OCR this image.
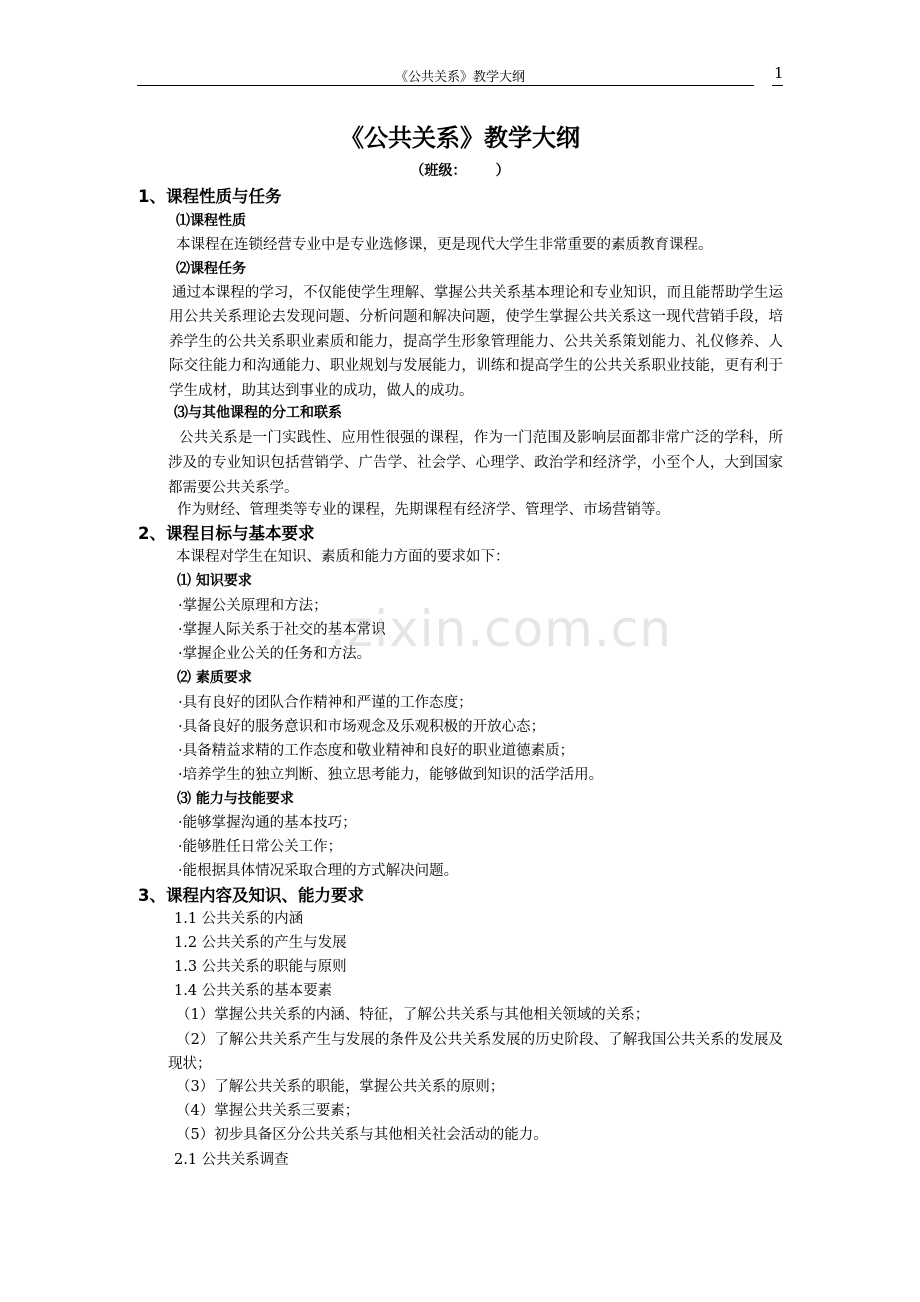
《公共关系》教学大纲	1
《公共关系》教学大纲
（班级：      ）
1、课程性质与任务
⑴课程性质
本课程在连锁经营专业中是专业选修课，更是现代大学生非常重要的素质教育课程。
⑵课程任务
通过本课程的学习，不仅能使学生理解、掌握公共关系基本理论和专业知识，而且能帮助学生运用公共关系理论去发现问题、分析问题和解决问题，使学生掌握公共关系这一现代营销手段，培养学生的公共关系职业素质和能力，提高学生形象管理能力、公共关系策划能力、礼仪修养、人际交往能力和沟通能力、职业规划与发展能力，训练和提高学生的公共关系职业技能，更有利于学生成材，助其达到事业的成功，做人的成功。
⑶与其他课程的分工和联系
公共关系是一门实践性、应用性很强的课程，作为一门范围及影响层面都非常广泛的学科，所涉及的专业知识包括营销学、广告学、社会学、心理学、政治学和经济学，小至个人，大到国家都需要公共关系学。
作为财经、管理类等专业的课程，先期课程有经济学、管理学、市场营销等。
2、课程目标与基本要求
本课程对学生在知识、素质和能力方面的要求如下：
⑴ 知识要求
·掌握公关原理和方法；
·掌握人际关系于社交的基本常识
·掌握企业公关的任务和方法。
⑵ 素质要求
·具有良好的团队合作精神和严谨的工作态度；
·具备良好的服务意识和市场观念及乐观积极的开放心态；
·具备精益求精的工作态度和敬业精神和良好的职业道德素质；
·培养学生的独立判断、独立思考能力，能够做到知识的活学活用。
⑶ 能力与技能要求
·能够掌握沟通的基本技巧；
·能够胜任日常公关工作；
·能根据具体情况采取合理的方式解决问题。
3、课程内容及知识、能力要求
1.1 公共关系的内涵
1.2 公共关系的产生与发展
1.3 公共关系的职能与原则
1.4 公共关系的基本要素
（1）掌握公共关系的内涵、特征，了解公共关系与其他相关领域的关系；
（2）了解公共关系产生与发展的条件及公共关系发展的历史阶段、了解我国公共关系的发展及现状；
（3）了解公共关系的职能，掌握公共关系的原则；
（4）掌握公共关系三要素；
（5）初步具备区分公共关系与其他相关社会活动的能力。
2.1 公共关系调查
.zixin.com.cn
